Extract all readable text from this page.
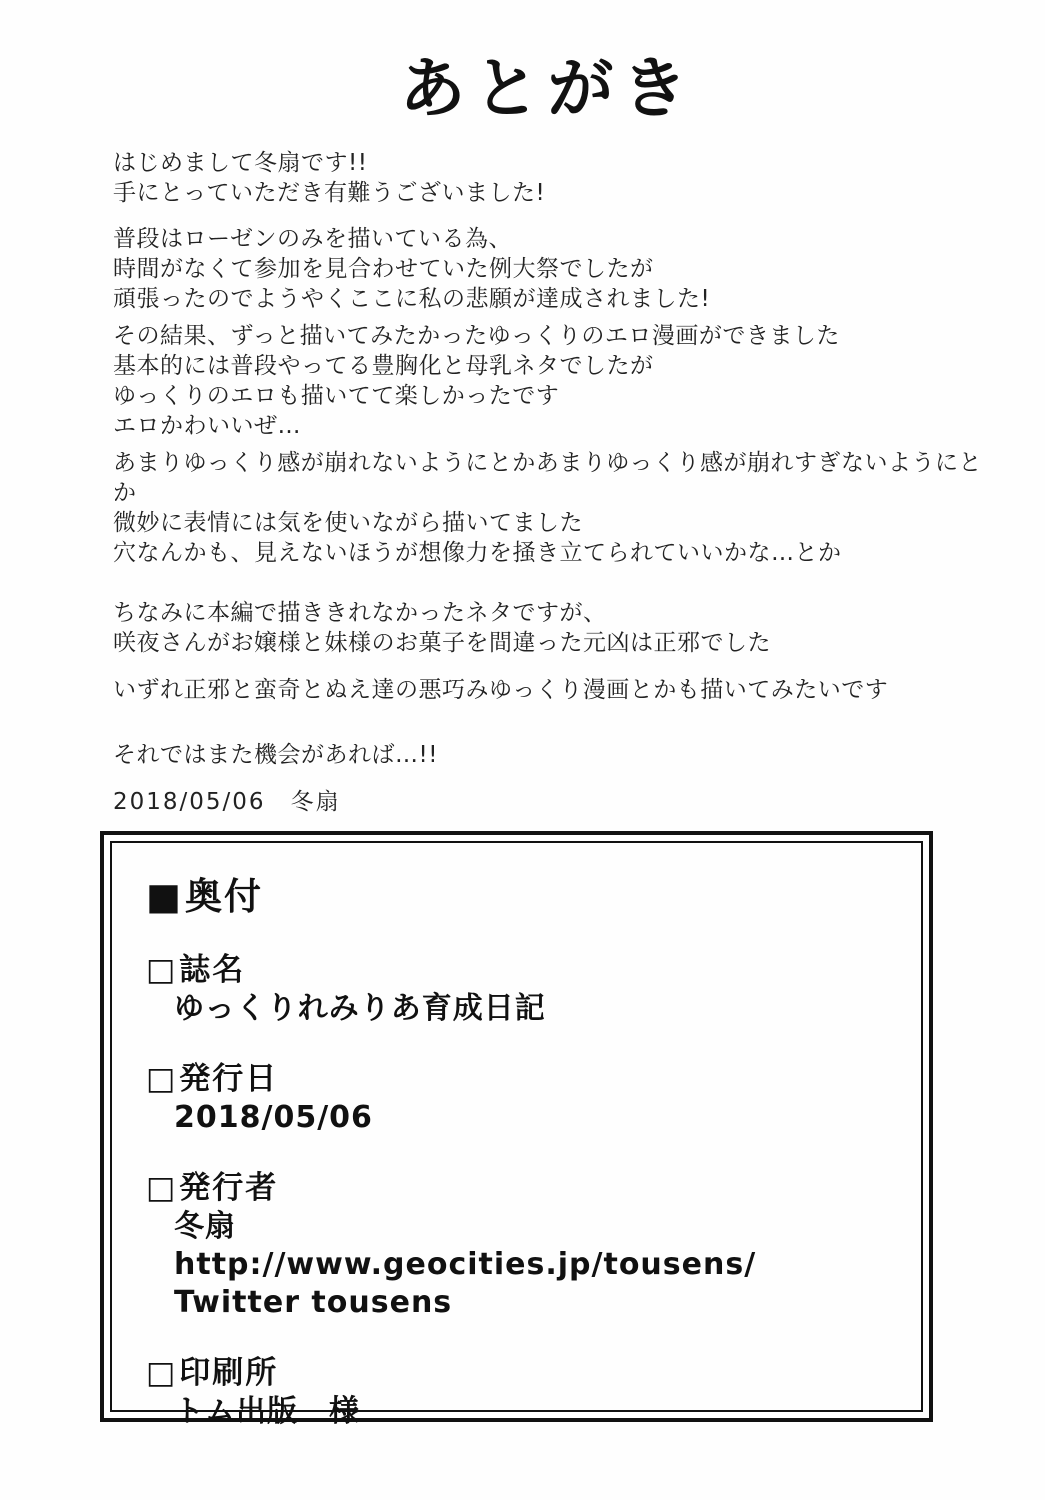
あとがき

はじめまして冬扇です!!
手にとっていただき有難うございました!

普段はローゼンのみを描いている為、
時間がなくて参加を見合わせていた例大祭でしたが
頑張ったのでようやくここに私の悲願が達成されました!

その結果、ずっと描いてみたかったゆっくりのエロ漫画ができました
基本的には普段やってる豊胸化と母乳ネタでしたが
ゆっくりのエロも描いてて楽しかったです
エロかわいいぜ…

あまりゆっくり感が崩れないようにとかあまりゆっくり感が崩れすぎないようにとか
微妙に表情には気を使いながら描いてました
穴なんかも、見えないほうが想像力を掻き立てられていいかな…とか

ちなみに本編で描ききれなかったネタですが、
咲夜さんがお嬢様と妹様のお菓子を間違った元凶は正邪でした

いずれ正邪と蛮奇とぬえ達の悪巧みゆっくり漫画とかも描いてみたいです

それではまた機会があれば…!!

2018/05/06　冬扇
■奥付
□誌名
ゆっくりれみりあ育成日記
□発行日
2018/05/06
□発行者
冬扇
http://www.geocities.jp/tousens/
Twitter tousens
□印刷所
トム出版　様
